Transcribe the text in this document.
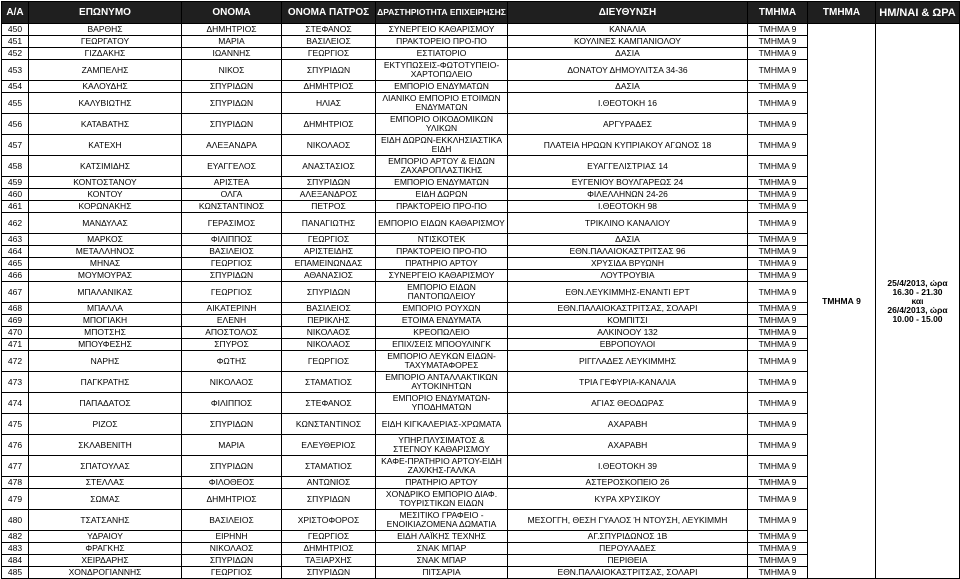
Α/Α	ΕΠΩΝΥΜΟ	ΟΝΟΜΑ	ΟΝΟΜΑ ΠΑΤΡΟΣ	ΔΡΑΣΤΗΡΙΟΤΗΤΑ ΕΠΙΧΕΙΡΗΣΗΣ	ΔΙΕΥΘΥΝΣΗ	ΤΜΗΜΑ	ΤΜΗΜΑ	ΗΜ/ΝΑΙ & ΩΡΑ
450	ΒΑΡΘΗΣ	ΔΗΜΗΤΡΙΟΣ	ΣΤΕΦΑΝΟΣ	ΣΥΝΕΡΓΕΙΟ ΚΑΘΑΡΙΣΜΟΥ	ΚΑΝΑΛΙΑ	ΤΜΗΜΑ 9	ΤΜΗΜΑ 9	25/4/2013, ώρα
16.30 - 21.30
και
26/4/2013, ώρα
10.00 - 15.00

451	ΓΕΩΡΓΑΤΟΥ	ΜΑΡΙΑ	ΒΑΣΙΛΕΙΟΣ	ΠΡΑΚΤΟΡΕΙΟ ΠΡΟ-ΠΟ	ΚΟΥΛΙΝΕΣ ΚΑΜΠΑΝΙΟΛΟΥ	ΤΜΗΜΑ 9		
452	ΓΙΖΔΑΚΗΣ	ΙΩΑΝΝΗΣ	ΓΕΩΡΓΙΟΣ	ΕΣΤΙΑΤΟΡΙΟ	ΔΑΣΙΑ	ΤΜΗΜΑ 9		
453	ΖΑΜΠΕΛΗΣ	ΝΙΚΟΣ	ΣΠΥΡΙΔΩΝ	ΕΚΤΥΠΩΣΕΙΣ-ΦΩΤΟΤΥΠΕΙΟ-ΧΑΡΤΟΠΩΛΕΙΟ	ΔΟΝΑΤΟΥ ΔΗΜΟΥΛΙΤΣΑ 34-36	ΤΜΗΜΑ 9		
454	ΚΑΛΟΥΔΗΣ	ΣΠΥΡΙΔΩΝ	ΔΗΜΗΤΡΙΟΣ	ΕΜΠΟΡΙΟ ΕΝΔΥΜΑΤΩΝ	ΔΑΣΙΑ	ΤΜΗΜΑ 9		
455	ΚΑΛΥΒΙΩΤΗΣ	ΣΠΥΡΙΔΩΝ	ΗΛΙΑΣ	ΛΙΑΝΙΚΟ ΕΜΠΟΡΙΟ ΕΤΟΙΜΩΝ ΕΝΔΥΜΑΤΩΝ	Ι.ΘΕΟΤΟΚΗ 16	ΤΜΗΜΑ 9		
456	ΚΑΤΑΒΑΤΗΣ	ΣΠΥΡΙΔΩΝ	ΔΗΜΗΤΡΙΟΣ	ΕΜΠΟΡΙΟ ΟΙΚΟΔΟΜΙΚΩΝ ΥΛΙΚΩΝ	ΑΡΓΥΡΑΔΕΣ	ΤΜΗΜΑ 9		
457	ΚΑΤΕΧΗ	ΑΛΕΞΑΝΔΡΑ	ΝΙΚΟΛΑΟΣ	ΕΙΔΗ ΔΩΡΩΝ-ΕΚΚΛΗΣΙΑΣΤΙΚΑ ΕΙΔΗ	ΠΛΑΤΕΙΑ ΗΡΩΩΝ ΚΥΠΡΙΑΚΟΥ ΑΓΩΝΟΣ 18	ΤΜΗΜΑ 9		
458	ΚΑΤΣΙΜΙΔΗΣ	ΕΥΑΓΓΕΛΟΣ	ΑΝΑΣΤΑΣΙΟΣ	ΕΜΠΟΡΙΟ ΑΡΤΟΥ & ΕΙΔΩΝ ΖΑΧΑΡΟΠΛΑΣΤΙΚΗΣ	ΕΥΑΓΓΕΛΙΣΤΡΙΑΣ 14	ΤΜΗΜΑ 9		
459	ΚΟΝΤΟΣΤΑΝΟΥ	ΑΡΙΣΤΕΑ	ΣΠΥΡΙΔΩΝ	ΕΜΠΟΡΙΟ ΕΝΔΥΜΑΤΩΝ	ΕΥΓΕΝΙΟΥ ΒΟΥΛΓΑΡΕΩΣ 24	ΤΜΗΜΑ 9		
460	ΚΟΝΤΟΥ	ΟΛΓΑ	ΑΛΕΞΑΝΔΡΟΣ	ΕΙΔΗ ΔΩΡΩΝ	ΦΙΛΕΛΛΗΝΩΝ 24-26	ΤΜΗΜΑ 9		
461	ΚΟΡΩΝΑΚΗΣ	ΚΩΝΣΤΑΝΤΙΝΟΣ	ΠΕΤΡΟΣ	ΠΡΑΚΤΟΡΕΙΟ ΠΡΟ-ΠΟ	Ι.ΘΕΟΤΟΚΗ 98	ΤΜΗΜΑ 9		
462	ΜΑΝΔΥΛΑΣ	ΓΕΡΑΣΙΜΟΣ	ΠΑΝΑΓΙΩΤΗΣ	ΕΜΠΟΡΙΟ ΕΙΔΩΝ ΚΑΘΑΡΙΣΜΟΥ	ΤΡΙΚΛΙΝΟ ΚΑΝΑΛΙΟΥ	ΤΜΗΜΑ 9		
463	ΜΑΡΚΟΣ	ΦΙΛΙΠΠΟΣ	ΓΕΩΡΓΙΟΣ	ΝΤΙΣΚΟΤΕΚ	ΔΑΣΙΑ	ΤΜΗΜΑ 9		
464	ΜΕΤΑΛΛΗΝΟΣ	ΒΑΣΙΛΕΙΟΣ	ΑΡΙΣΤΕΙΔΗΣ	ΠΡΑΚΤΟΡΕΙΟ ΠΡΟ-ΠΟ	ΕΘΝ.ΠΑΛΑΙΟΚΑΣΤΡΙΤΣΑΣ 96	ΤΜΗΜΑ 9		
465	ΜΗΝΑΣ	ΓΕΩΡΓΙΟΣ	ΕΠΑΜΕΙΝΩΝΔΑΣ	ΠΡΑΤΗΡΙΟ ΑΡΤΟΥ	ΧΡΥΣΙΔΑ ΒΡΥΩΝΗ	ΤΜΗΜΑ 9		
466	ΜΟΥΜΟΥΡΑΣ	ΣΠΥΡΙΔΩΝ	ΑΘΑΝΑΣΙΟΣ	ΣΥΝΕΡΓΕΙΟ ΚΑΘΑΡΙΣΜΟΥ	ΛΟΥΤΡΟΥΒΙΑ	ΤΜΗΜΑ 9		
467	ΜΠΑΛΑΝΙΚΑΣ	ΓΕΩΡΓΙΟΣ	ΣΠΥΡΙΔΩΝ	ΕΜΠΟΡΙΟ ΕΙΔΩΝ ΠΑΝΤΟΠΩΛΕΙΟΥ	ΕΘΝ.ΛΕΥΚΙΜΜΗΣ-ΕΝΑΝΤΙ ΕΡΤ	ΤΜΗΜΑ 9		
468	ΜΠΑΛΛΑ	ΑΙΚΑΤΕΡΙΝΗ	ΒΑΣΙΛΕΙΟΣ	ΕΜΠΟΡΙΟ ΡΟΥΧΩΝ	ΕΘΝ.ΠΑΛΑΙΟΚΑΣΤΡΙΤΣΑΣ, ΣΟΛΑΡΙ	ΤΜΗΜΑ 9		
469	ΜΠΟΓΙΑΚΗ	ΕΛΕΝΗ	ΠΕΡΙΚΛΗΣ	ΕΤΟΙΜΑ ΕΝΔΥΜΑΤΑ	ΚΟΜΠΙΤΣΙ	ΤΜΗΜΑ 9		
470	ΜΠΟΤΣΗΣ	ΑΠΟΣΤΟΛΟΣ	ΝΙΚΟΛΑΟΣ	ΚΡΕΟΠΩΛΕΙΟ	ΑΛΚΙΝΟΟΥ 132	ΤΜΗΜΑ 9		
471	ΜΠΟΥΦΕΣΗΣ	ΣΠΥΡΟΣ	ΝΙΚΟΛΑΟΣ	ΕΠΙΧ/ΣΕΙΣ ΜΠΟΟΥΛΙΝΓΚ	ΕΒΡΟΠΟΥΛΟΙ	ΤΜΗΜΑ 9		
472	ΝΑΡΗΣ	ΦΩΤΗΣ	ΓΕΩΡΓΙΟΣ	ΕΜΠΟΡΙΟ ΛΕΥΚΩΝ ΕΙΔΩΝ-ΤΑΧΥΜΑΤΑΦΟΡΕΣ	ΡΙΓΓΛΑΔΕΣ ΛΕΥΚΙΜΜΗΣ	ΤΜΗΜΑ 9		
473	ΠΑΓΚΡΑΤΗΣ	ΝΙΚΟΛΑΟΣ	ΣΤΑΜΑΤΙΟΣ	ΕΜΠΟΡΙΟ ΑΝΤΑΛΛΑΚΤΙΚΩΝ ΑΥΤΟΚΙΝΗΤΩΝ	ΤΡΙΑ ΓΕΦΥΡΙΑ-ΚΑΝΑΛΙΑ	ΤΜΗΜΑ 9		
474	ΠΑΠΑΔΑΤΟΣ	ΦΙΛΙΠΠΟΣ	ΣΤΕΦΑΝΟΣ	ΕΜΠΟΡΙΟ ΕΝΔΥΜΑΤΩΝ-ΥΠΟΔΗΜΑΤΩΝ	ΑΓΙΑΣ ΘΕΟΔΩΡΑΣ	ΤΜΗΜΑ 9		
475	ΡΙΖΟΣ	ΣΠΥΡΙΔΩΝ	ΚΩΝΣΤΑΝΤΙΝΟΣ	ΕΙΔΗ ΚΙΓΚΑΛΕΡΙΑΣ-ΧΡΩΜΑΤΑ	ΑΧΑΡΑΒΗ	ΤΜΗΜΑ 9		
476	ΣΚΛΑΒΕΝΙΤΗ	ΜΑΡΙΑ	ΕΛΕΥΘΕΡΙΟΣ	ΥΠΗΡ.ΠΛΥΣΙΜΑΤΟΣ & ΣΤΕΓΝΟΥ ΚΑΘΑΡΙΣΜΟΥ	ΑΧΑΡΑΒΗ	ΤΜΗΜΑ 9		
477	ΣΠΑΤΟΥΛΑΣ	ΣΠΥΡΙΔΩΝ	ΣΤΑΜΑΤΙΟΣ	ΚΑΦΕ-ΠΡΑΤΗΡΙΟ ΑΡΤΟΥ-ΕΙΔΗ ΖΑΧ/ΚΗΣ-ΓΑΛ/ΚΑ	Ι.ΘΕΟΤΟΚΗ 39	ΤΜΗΜΑ 9		
478	ΣΤΕΛΛΑΣ	ΦΙΛΟΘΕΟΣ	ΑΝΤΩΝΙΟΣ	ΠΡΑΤΗΡΙΟ ΑΡΤΟΥ	ΑΣΤΕΡΟΣΚΟΠΕΙΟ 26	ΤΜΗΜΑ 9		
479	ΣΩΜΑΣ	ΔΗΜΗΤΡΙΟΣ	ΣΠΥΡΙΔΩΝ	ΧΟΝΔΡΙΚΟ ΕΜΠΟΡΙΟ ΔΙΑΦ. ΤΟΥΡΙΣΤΙΚΩΝ ΕΙΔΩΝ	ΚΥΡΑ ΧΡΥΣΙΚΟΥ	ΤΜΗΜΑ 9		
480	ΤΣΑΤΣΑΝΗΣ	ΒΑΣΙΛΕΙΟΣ	ΧΡΙΣΤΟΦΟΡΟΣ	ΜΕΣΙΤΙΚΟ ΓΡΑΦΕΙΟ - ΕΝΟΙΚΙΑΖΟΜΕΝΑ ΔΩΜΑΤΙΑ	ΜΕΣΟΓΓΗ, ΘΕΣΗ ΓΥΑΛΟΣ Ή ΝΤΟΥΣΗ, ΛΕΥΚΙΜΜΗ	ΤΜΗΜΑ 9		
482	ΥΔΡΑΙΟΥ	ΕΙΡΗΝΗ	ΓΕΩΡΓΙΟΣ	ΕΙΔΗ ΛΑΪΚΗΣ ΤΕΧΝΗΣ	ΑΓ.ΣΠΥΡΙΔΩΝΟΣ 1Β	ΤΜΗΜΑ 9		
483	ΦΡΑΓΚΗΣ	ΝΙΚΟΛΑΟΣ	ΔΗΜΗΤΡΙΟΣ	ΣΝΑΚ ΜΠΑΡ	ΠΕΡΟΥΛΑΔΕΣ	ΤΜΗΜΑ 9		
484	ΧΕΙΡΔΑΡΗΣ	ΣΠΥΡΙΔΩΝ	ΤΑΞΙΑΡΧΗΣ	ΣΝΑΚ ΜΠΑΡ	ΠΕΡΙΘΕΙΑ	ΤΜΗΜΑ 9		
485	ΧΟΝΔΡΟΓΙΑΝΝΗΣ	ΓΕΩΡΓΙΟΣ	ΣΠΥΡΙΔΩΝ	ΠΙΤΣΑΡΙΑ	ΕΘΝ.ΠΑΛΑΙΟΚΑΣΤΡΙΤΣΑΣ, ΣΟΛΑΡΙ	ΤΜΗΜΑ 9		
